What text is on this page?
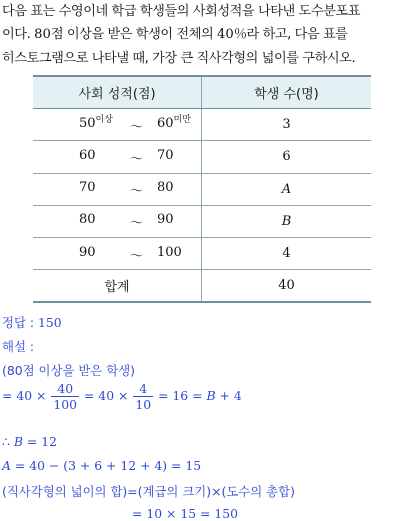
다음 표는 수영이네 학급 학생들의 사회성적을 나타낸 도수분포표
이다. 80점 이상을 받은 학생이 전체의 40％라 하고, 다음 표를
히스토그램으로 나타낼 때, 가장 큰 직사각형의 넓이를 구하시오.
사회 성적(점)	학생 수(명)

$50^{이상}$ ～ $60^{미만}$	3

60 ～ 70	6

70 ～ 80	A

80 ～ 90	B

90 ～ 100	4
합계	40
정답 : 150
해설 :
(80점 이상을 받은 학생)
= $40 \times \frac{40}{100} = 40 \times \frac{4}{10} = 16 = B + 4$
∴ B = 12
A = 40 − (3 + 6 + 12 + 4) = 15
(직사각형의 넓이의 합)=(계급의 크기)×(도수의 총합)
= 10 × 15 = 150
